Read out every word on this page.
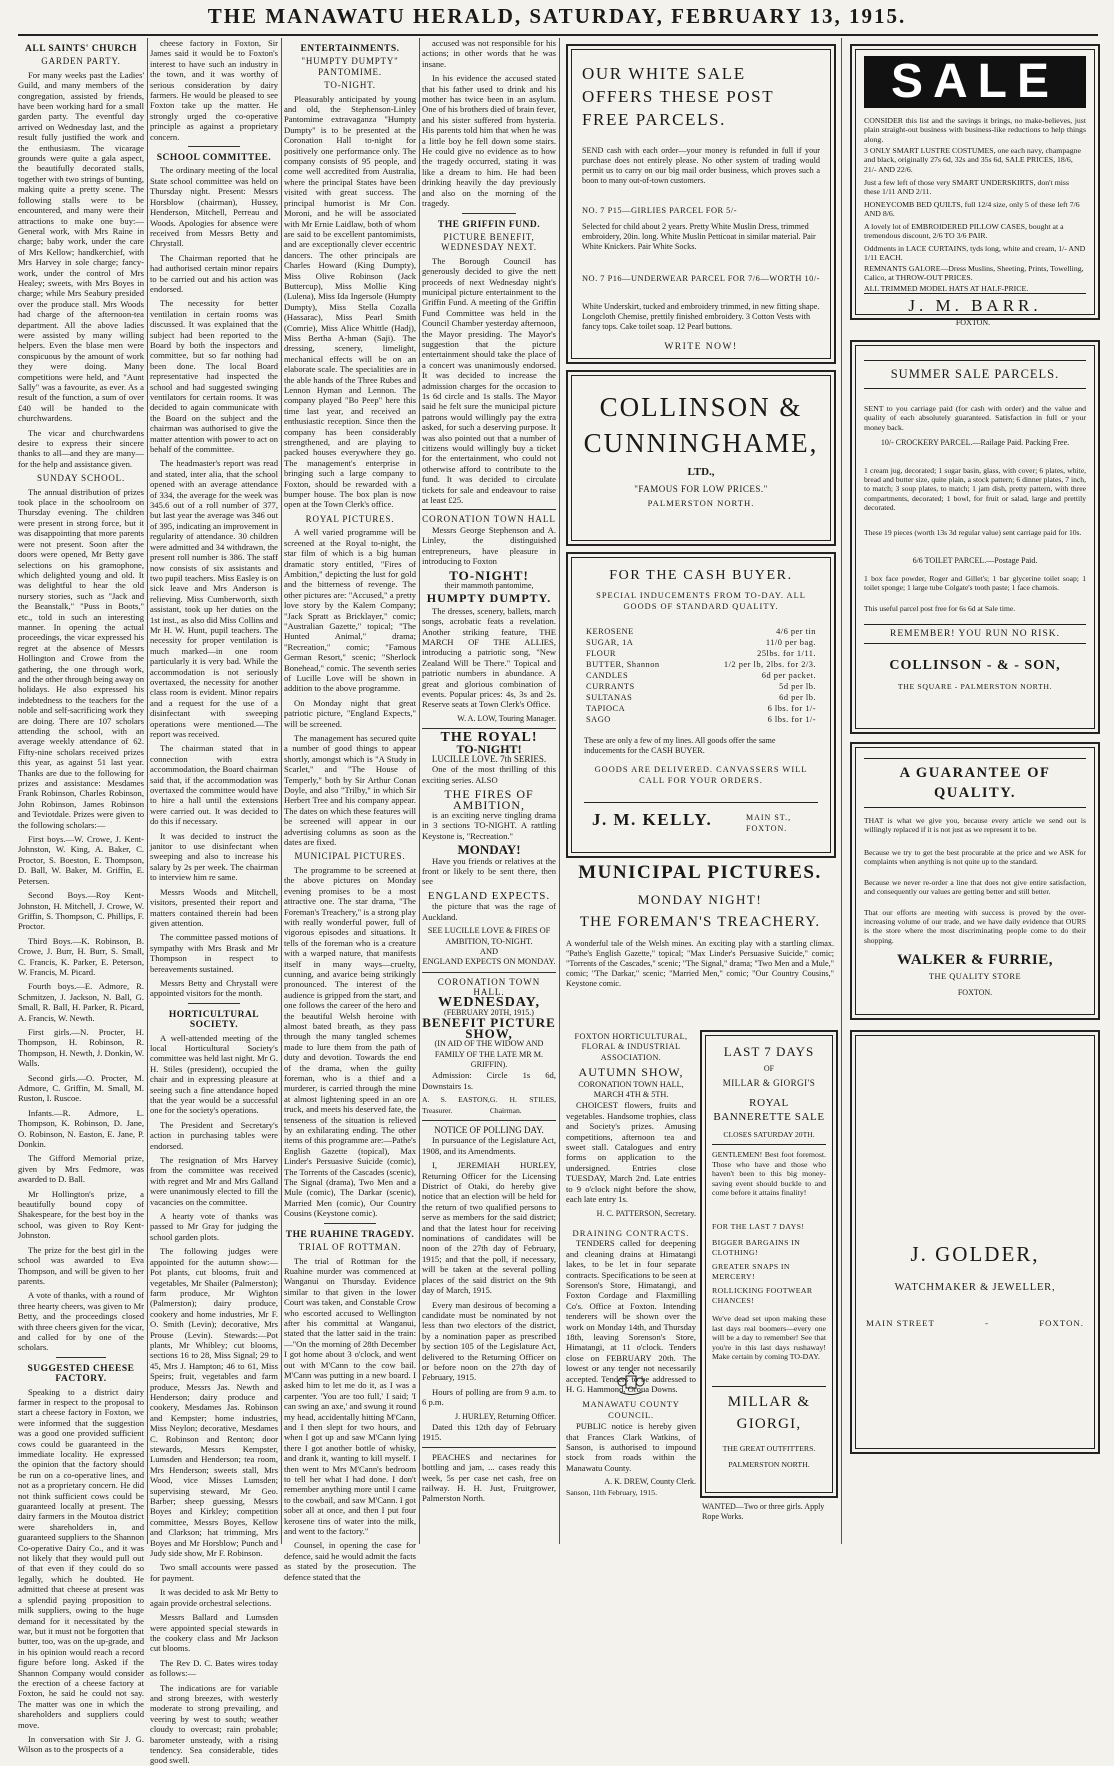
THE MANAWATU HERALD, SATURDAY, FEBRUARY 13, 1915.
ALL SAINTS' CHURCH
GARDEN PARTY.

For many weeks past the Ladies' Guild, and many members of the congregation, assisted by friends, have been working hard for a small garden party. The eventful day arrived on Wednesday last, and the result fully justified the work and the enthusiasm. The vicarage grounds were quite a gala aspect, the beautifully decorated stalls, together with two strings of bunting, making quite a pretty scene. The following stalls were to be encountered, and many were their attractions to make one buy:—General work, with Mrs Raine in charge; baby work, under the care of Mrs Kellow; handkerchief, with Mrs Harvey in sole charge; fancy-work, under the control of Mrs Healey; sweets, with Mrs Boyes in charge; while Mrs Seabury presided over the produce stall. Mrs Woods had charge of the afternoon-tea department. All the above ladies were assisted by many willing helpers. Even the blase men were conspicuous by the amount of work they were doing. Many competitions were held, and "Aunt Sally" was a favourite, as ever. As a result of the function, a sum of over £40 will be handed to the churchwardens.

The vicar and churchwardens desire to express their sincere thanks to all—and they are many—for the help and assistance given.

SUNDAY SCHOOL.

The annual distribution of prizes took place in the schoolroom on Thursday evening. The children were present in strong force, but it was disappointing that more parents were not present. Soon after the doors were opened, Mr Betty gave selections on his gramophone, which delighted young and old. It was delightful to hear the old nursery stories, such as "Jack and the Beanstalk," "Puss in Boots," etc., told in such an interesting manner. In opening the actual proceedings, the vicar expressed his regret at the absence of Messrs Hollington and Crowe from the gathering, the one through work, and the other through being away on holidays. He also expressed his indebtedness to the teachers for the noble and self-sacrificing work they are doing. There are 107 scholars attending the school, with an average weekly attendance of 62. Fifty-nine scholars received prizes this year, as against 51 last year. Thanks are due to the following for prizes and assistance: Mesdames Frank Robinson, Charles Robinson, John Robinson, James Robinson and Teviotdale. Prizes were given to the following scholars:—

First boys.—W. Crowe, J. Kent-Johnston, W. King, A. Baker, C. Proctor, S. Boeston, E. Thompson, D. Ball, W. Baker, M. Griffin, E. Petersen.

Second Boys.—Roy Kent-Johnston, H. Mitchell, J. Crowe, W. Griffin, S. Thompson, C. Phillips, F. Proctor.

Third Boys.—K. Robinson, B. Crowe, J. Burr, H. Burr, S. Small, C. Francis, K. Parker, E. Peterson, W. Francis, M. Picard.

Fourth boys.—E. Admore, R. Schmitzen, J. Jackson, N. Ball, G. Small, R. Ball, H. Parker, R. Picard, A. Francis, W. Newth.

First girls.—N. Procter, H. Thompson, H. Robinson, R. Thompson, H. Newth, J. Donkin, W. Walls.

Second girls.—O. Procter, M. Admore, C. Griffin, M. Small, M. Ruston, I. Ruscoe.

Infants.—R. Admore, L. Thompson, K. Robinson, D. Jane, O. Robinson, N. Easton, E. Jane, P. Donkin.

The Gifford Memorial prize, given by Mrs Fedmore, was awarded to D. Ball.

Mr Hollington's prize, a beautifully bound copy of Shakespeare, for the best boy in the school, was given to Roy Kent-Johnston.

The prize for the best girl in the school was awarded to Eva Thompson, and will be given to her parents.

A vote of thanks, with a round of three hearty cheers, was given to Mr Betty, and the proceedings closed with three cheers given for the vicar, and called for by one of the scholars.

SUGGESTED CHEESE FACTORY.

Speaking to a district dairy farmer in respect to the proposal to start a cheese factory in Foxton, we were informed that the suggestion was a good one provided sufficient cows could be guaranteed in the immediate locality. He expressed the opinion that the factory should be run on a co-operative lines, and not as a proprietary concern. He did not think sufficient cows could be guaranteed locally at present. The dairy farmers in the Moutoa district were shareholders in, and guaranteed suppliers to the Shannon Co-operative Dairy Co., and it was not likely that they would pull out of that even if they could do so legally, which he doubted. He admitted that cheese at present was a splendid paying proposition to milk suppliers, owing to the huge demand for it necessitated by the war, but it must not be forgotten that butter, too, was on the up-grade, and in his opinion would reach a record figure before long. Asked if the Shannon Company would consider the erection of a cheese factory at Foxton, he said he could not say. The matter was one in which the shareholders and suppliers could move.

In conversation with Sir J. G. Wilson as to the prospects of a

cheese factory in Foxton, Sir James said it would be to Foxton's interest to have such an industry in the town, and it was worthy of serious consideration by dairy farmers. He would be pleased to see Foxton take up the matter. He strongly urged the co-operative principle as against a proprietary concern.

SCHOOL COMMITTEE.

The ordinary meeting of the local State school committee was held on Thursday night. Present: Messrs Horsblow (chairman), Hussey, Henderson, Mitchell, Perreau and Woods. Apologies for absence were received from Messrs Betty and Chrystall.

The Chairman reported that he had authorised certain minor repairs to be carried out and his action was endorsed.

The necessity for better ventilation in certain rooms was discussed. It was explained that the subject had been reported to the Board by both the inspectors and committee, but so far nothing had been done. The local Board representative had inspected the school and had suggested swinging ventilators for certain rooms. It was decided to again communicate with the Board on the subject and the chairman was authorised to give the matter attention with power to act on behalf of the committee.

The headmaster's report was read and stated, inter alia, that the school opened with an average attendance of 334, the average for the week was 345.6 out of a roll number of 377, but last year the average was 346 out of 395, indicating an improvement in regularity of attendance. 30 children were admitted and 34 withdrawn, the present roll number is 386. The staff now consists of six assistants and two pupil teachers. Miss Easley is on sick leave and Mrs Anderson is relieving. Miss Cumberworth, sixth assistant, took up her duties on the 1st inst., as also did Miss Collins and Mr H. W. Hunt, pupil teachers. The necessity for proper ventilation is much marked—in one room particularly it is very bad. While the accommodation is not seriously overtaxed, the necessity for another class room is evident. Minor repairs and a request for the use of a disinfectant with sweeping operations were mentioned.—The report was received.

The chairman stated that in connection with extra accommodation, the Board chairman said that, if the accommodation was overtaxed the committee would have to hire a hall until the extensions were carried out. It was decided to do this if necessary.

It was decided to instruct the janitor to use disinfectant when sweeping and also to increase his salary by 2s per week. The chairman to interview him re same.

Messrs Woods and Mitchell, visitors, presented their report and matters contained therein had been given attention.

The committee passed motions of sympathy with Mrs Brask and Mr Thompson in respect to bereavements sustained.

Messrs Betty and Chrystall were appointed visitors for the month.

HORTICULTURAL SOCIETY.

A well-attended meeting of the local Horticultural Society's committee was held last night. Mr G. H. Stiles (president), occupied the chair and in expressing pleasure at seeing such a fine attendance hoped that the year would be a successful one for the society's operations.

The President and Secretary's action in purchasing tables were endorsed.

The resignation of Mrs Harvey from the committee was received with regret and Mr and Mrs Galland were unanimously elected to fill the vacancies on the committee.

A hearty vote of thanks was passed to Mr Gray for judging the school garden plots.

The following judges were appointed for the autumn show:—Pot plants, cut blooms, fruit and vegetables, Mr Shailer (Palmerston); farm produce, Mr Wighton (Palmerston); dairy produce, cookery and home industries, Mr F. O. Smith (Levin); decorative, Mrs Prouse (Levin). Stewards:—Pot plants, Mr Whibley; cut blooms, sections 16 to 28, Miss Signal; 29 to 45, Mrs J. Hampton; 46 to 61, Miss Speirs; fruit, vegetables and farm produce, Messrs Jas. Newth and Henderson; dairy produce and cookery, Mesdames Jas. Robinson and Kempster; home industries, Miss Neylon; decorative, Mesdames C. Robinson and Renton; door stewards, Messrs Kempster, Lumsden and Henderson; tea room, Mrs Henderson; sweets stall, Mrs Wood, vice Misses Lumsden; supervising steward, Mr Geo. Barber; sheep guessing, Messrs Boyes and Kirkley; competition committee, Messrs Boyes, Kellow and Clarkson; hat trimming, Mrs Boyes and Mr Horsblow; Punch and Judy side show, Mr F. Robinson.

Two small accounts were passed for payment.

It was decided to ask Mr Betty to again provide orchestral selections.

Messrs Ballard and Lumsden were appointed special stewards in the cookery class and Mr Jackson cut blooms.

The Rev D. C. Bates wires today as follows:—

The indications are for variable and strong breezes, with westerly moderate to strong prevailing, and veering by west to south; weather cloudy to overcast; rain probable; barometer unsteady, with a rising tendency. Sea considerable, tides good swell.

ENTERTAINMENTS.
"HUMPTY DUMPTY" PANTOMIME.
TO-NIGHT.

Pleasurably anticipated by young and old, the Stephenson-Linley Pantomime extravaganza "Humpty Dumpty" is to be presented at the Coronation Hall to-night for positively one performance only. The company consists of 95 people, and come well accredited from Australia, where the principal States have been visited with great success. The principal humorist is Mr Con. Moroni, and he will be associated with Mr Ernie Laidlaw, both of whom are said to be excellent pantomimists, and are exceptionally clever eccentric dancers. The other principals are Charles Howard (King Dumpty), Miss Olive Robinson (Jack Buttercup), Miss Mollie King (Lulena), Miss Ida Ingersole (Humpty Dumpty), Miss Stella Cozalla (Hassarac), Miss Pearl Smith (Comrie), Miss Alice Whittle (Hadj), Miss Bertha A-hman (Saji). The dressing, scenery, limelight, mechanical effects will be on an elaborate scale. The specialities are in the able hands of the Three Rubes and Lennon Hyman and Lennon. The company played "Bo Peep" here this time last year, and received an enthusiastic reception. Since then the company has been considerably strengthened, and are playing to packed houses everywhere they go. The management's enterprise in bringing such a large company to Foxton, should be rewarded with a bumper house. The box plan is now open at the Town Clerk's office.

ROYAL PICTURES.

A well varied programme will be screened at the Royal to-night, the star film of which is a big human dramatic story entitled, "Fires of Ambition," depicting the lust for gold and the bitterness of revenge. The other pictures are: "Accused," a pretty love story by the Kalem Company; "Jack Spratt as Bricklayer," comic; "Australian Gazette," topical; "The Hunted Animal," drama; "Recreation," comic; "Famous German Resort," scenic; "Sherlock Bonehead," comic. The seventh series of Lucille Love will be shown in addition to the above programme.

On Monday night that great patriotic picture, "England Expects," will be screened.

The management has secured quite a number of good things to appear shortly, amongst which is "A Study in Scarlet," and "The House of Temperly," both by Sir Arthur Conan Doyle, and also "Trilby," in which Sir Herbert Tree and his company appear. The dates on which these features will be screened will appear in our advertising columns as soon as the dates are fixed.

MUNICIPAL PICTURES.

The programme to be screened at the above pictures on Monday evening promises to be a most attractive one. The star drama, "The Foreman's Treachery," is a strong play with really wonderful power, full of vigorous episodes and situations. It tells of the foreman who is a creature with a warped nature, that manifests itself in many ways—cruelty, cunning, and avarice being strikingly pronounced. The interest of the audience is gripped from the start, and one follows the career of the hero and the beautiful Welsh heroine with almost bated breath, as they pass through the many tangled schemes made to lure them from the path of duty and devotion. Towards the end of the drama, when the guilty foreman, who is a thief and a murderer, is carried through the mine at almost lightening speed in an ore truck, and meets his deserved fate, the tenseness of the situation is relieved by an exhilarating ending. The other items of this programme are:—Pathe's English Gazette (topical), Max Linder's Persuasive Suicide (comic), The Torrents of the Cascades (scenic), The Signal (drama), Two Men and a Mule (comic), The Darkar (scenic), Married Men (comic), Our Country Cousins (Keystone comic).

THE RUAHINE TRAGEDY.
TRIAL OF ROTTMAN.

The trial of Rottman for the Ruahine murder was commenced at Wanganui on Thursday. Evidence similar to that given in the lower Court was taken, and Constable Crow who escorted accused to Wellington after his committal at Wanganui, stated that the latter said in the train:—"On the morning of 28th December I got home about 3 o'clock, and went out with M'Cann to the cow bail. M'Cann was putting in a new board. I asked him to let me do it, as I was a carpenter. 'You are too full,' I said; 'I can swing an axe,' and swung it round my head, accidentally hitting M'Cann, and I then slept for two hours, and when I got up and saw M'Cann lying there I got another bottle of whisky, and drank it, wanting to kill myself. I then went to Mrs M'Cann's bedroom to tell her what I had done. I don't remember anything more until I came to the cowbail, and saw M'Cann. I got sober all at once, and then I put four kerosene tins of water into the milk, and went to the factory."

Counsel, in opening the case for defence, said he would admit the facts as stated by the prosecution. The defence stated that the

accused was not responsible for his actions; in other words that he was insane.

In his evidence the accused stated that his father used to drink and his mother has twice been in an asylum. One of his brothers died of brain fever, and his sister suffered from hysteria. His parents told him that when he was a little boy he fell down some stairs. He could give no evidence as to how the tragedy occurred, stating it was like a dream to him. He had been drinking heavily the day previously and also on the morning of the tragedy.

THE GRIFFIN FUND.
PICTURE BENEFIT, WEDNESDAY NEXT.

The Borough Council has generously decided to give the nett proceeds of next Wednesday night's municipal picture entertainment to the Griffin Fund. A meeting of the Griffin Fund Committee was held in the Council Chamber yesterday afternoon, the Mayor presiding. The Mayor's suggestion that the picture entertainment should take the place of a concert was unanimously endorsed. It was decided to increase the admission charges for the occasion to 1s 6d circle and 1s stalls. The Mayor said he felt sure the municipal picture patrons would willingly pay the extra asked, for such a deserving purpose. It was also pointed out that a number of citizens would willingly buy a ticket for the entertainment, who could not otherwise afford to contribute to the fund. It was decided to circulate tickets for sale and endeavour to raise at least £25.

CORONATION TOWN HALL

Messrs George Stephenson and A. Linley, the distinguished entrepreneurs, have pleasure in introducing to Foxton

TO-NIGHT!
their mammoth pantomime,
HUMPTY DUMPTY.

The dresses, scenery, ballets, march songs, acrobatic feats a revelation. Another striking feature, THE MARCH OF THE ALLIES, introducing a patriotic song, "New Zealand Will be There." Topical and patriotic numbers in abundance. A great and glorious combination of events. Popular prices: 4s, 3s and 2s. Reserve seats at Town Clerk's Office.

W. A. LOW, Touring Manager.
THE ROYAL!
TO-NIGHT!
LUCILLE LOVE. 7th SERIES.

One of the most thrilling of this exciting series. ALSO

THE FIRES OF AMBITION,

is an exciting nerve tingling drama in 3 sections TO-NIGHT. A rattling Keystone is, "Recreation."

MONDAY!

Have you friends or relatives at the front or likely to be sent there, then see

ENGLAND EXPECTS.

the picture that was the rage of Auckland.

SEE LUCILLE LOVE & FIRES OF AMBITION, TO-NIGHT.
AND
ENGLAND EXPECTS ON MONDAY.
CORONATION TOWN HALL.
WEDNESDAY,
(FEBRUARY 20TH, 1915.)
BENEFIT PICTURE SHOW,
(IN AID OF THE WIDOW AND FAMILY OF THE LATE MR M. GRIFFIN).

Admission: Circle 1s 6d, Downstairs 1s.

A. S. EASTON, Treasurer.
G. H. STILES, Chairman.
NOTICE OF POLLING DAY.

In pursuance of the Legislature Act, 1908, and its Amendments.

I, JEREMIAH HURLEY, Returning Officer for the Licensing District of Otaki, do hereby give notice that an election will be held for the return of two qualified persons to serve as members for the said district; and that the latest hour for receiving nominations of candidates will be noon of the 27th day of February, 1915; and that the poll, if necessary, will be taken at the several polling places of the said district on the 9th day of March, 1915.

Every man desirous of becoming a candidate must be nominated by not less than two electors of the district, by a nomination paper as prescribed by section 105 of the Legislature Act, delivered to the Returning Officer on or before noon on the 27th day of February, 1915.

Hours of polling are from 9 a.m. to 6 p.m.

J. HURLEY, Returning Officer.

Dated this 12th day of February 1915.

PEACHES and nectarines for bottling and jam, ... cases ready this week, 5s per case net cash, free on railway. H. H. Just, Fruitgrower, Palmerston North.

OUR WHITE SALE OFFERS THESE POST FREE PARCELS.
SEND cash with each order—your money is refunded in full if your purchase does not entirely please. No other system of trading would permit us to carry on our big mail order business, which proves such a boon to many out-of-town customers.
NO. 7 P15—GIRLIES PARCEL FOR 5/-
Selected for child about 2 years. Pretty White Muslin Dress, trimmed embroidery, 20in. long. White Muslin Petticoat in similar material. Pair White Knickers. Pair White Socks.
NO. 7 P16—UNDERWEAR PARCEL FOR 7/6—WORTH 10/-
White Underskirt, tucked and embroidery trimmed, in new fitting shape. Longcloth Chemise, prettily finished embroidery. 3 Cotton Vests with fancy tops. Cake toilet soap. 12 Pearl buttons.
WRITE NOW!
COLLINSON &
CUNNINGHAME,
LTD.,
"FAMOUS FOR LOW PRICES."
PALMERSTON NORTH.
FOR THE CASH BUYER.
SPECIAL INDUCEMENTS FROM TO-DAY. ALL GOODS OF STANDARD QUALITY.
KEROSENE	4/6 per tin
SUGAR, 1A	11/0 per bag.
FLOUR	25lbs. for 1/11.
BUTTER, Shannon	1/2 per lb, 2lbs. for 2/3.
CANDLES	6d per packet.
CURRANTS	5d per lb.
SULTANAS	6d per lb.
TAPIOCA	6 lbs. for 1/-
SAGO	6 lbs. for 1/-
These are only a few of my lines. All goods offer the same inducements for the CASH BUYER.
GOODS ARE DELIVERED. CANVASSERS WILL CALL FOR YOUR ORDERS.
J. M. KELLY.	MAIN ST., FOXTON.
MUNICIPAL PICTURES.
MONDAY NIGHT!
THE FOREMAN'S TREACHERY.
A wonderful tale of the Welsh mines. An exciting play with a startling climax. "Pathe's English Gazette," topical; "Max Linder's Persuasive Suicide," comic; "Torrents of the Cascades," scenic; "The Signal," drama; "Two Men and a Mule," comic; "The Darkar," scenic; "Married Men," comic; "Our Country Cousins," Keystone comic.
FOXTON HORTICULTURAL, FLORAL & INDUSTRIAL ASSOCIATION.
AUTUMN SHOW,
CORONATION TOWN HALL, MARCH 4TH & 5TH.

CHOICEST flowers, fruits and vegetables. Handsome trophies, class and Society's prizes. Amusing competitions, afternoon tea and sweet stall. Catalogues and entry forms on application to the undersigned. Entries close TUESDAY, March 2nd. Late entries to 9 o'clock night before the show, each late entry 1s.

H. C. PATTERSON, Secretary.
DRAINING CONTRACTS.

TENDERS called for deepening and cleaning drains at Himatangi lakes, to be let in four separate contracts. Specifications to be seen at Sorenson's Store, Himatangi, and Foxton Cordage and Flaxmilling Co's. Office at Foxton. Intending tenderers will be shown over the work on Monday 14th, and Thursday 18th, leaving Sorenson's Store, Himatangi, at 11 o'clock. Tenders close on FEBRUARY 20th. The lowest or any tender not necessarily accepted. Tenders to be addressed to H. G. Hammond, Oroua Downs.

MANAWATU COUNTY COUNCIL.

PUBLIC notice is hereby given that Frances Clark Watkins, of Sanson, is authorised to impound stock from roads within the Manawatu County.

A. K. DREW, County Clerk.
Sanson, 11th February, 1915.
LAST 7 DAYS
OF
MILLAR & GIORGI'S
ROYAL BANNERETTE SALE
CLOSES SATURDAY 20TH.
GENTLEMEN! Best foot foremost. Those who have and those who haven't been to this big money-saving event should buckle to and come before it attains finality!
FOR THE LAST 7 DAYS!
BIGGER BARGAINS IN CLOTHING!
GREATER SNAPS IN MERCERY!
ROLLICKING FOOTWEAR CHANCES!
We've dead set upon making these last days real boomers—every one will be a day to remember! See that you're in this last days rushaway! Make certain by coming TO-DAY.
MILLAR &
GIORGI,
THE GREAT OUTFITTERS.
PALMERSTON NORTH.
WANTED—Two or three girls. Apply Rope Works.
SALE
CONSIDER this list and the savings it brings, no make-believes, just plain straight-out business with business-like reductions to help things along.
3 ONLY SMART LUSTRE COSTUMES, one each navy, champagne and black, originally 27s 6d, 32s and 35s 6d, SALE PRICES, 18/6, 21/- AND 22/6.
Just a few left of those very SMART UNDERSKIRTS, don't miss these 1/11 AND 2/11.
HONEYCOMB BED QUILTS, full 12/4 size, only 5 of these left 7/6 AND 8/6.
A lovely lot of EMBROIDERED PILLOW CASES, bought at a tremendous discount, 2/6 TO 3/6 PAIR.
Oddments in LACE CURTAINS, tyds long, white and cream, 1/- AND 1/11 EACH.
REMNANTS GALORE—Dress Muslins, Sheeting, Prints, Towelling, Calico, at THROW-OUT PRICES.
ALL TRIMMED MODEL HATS AT HALF-PRICE.
J. M. BARR.
FOXTON.
SUMMER SALE PARCELS.
SENT to you carriage paid (for cash with order) and the value and quality of each absolutely guaranteed. Satisfaction in full or your money back.
10/- CROCKERY PARCEL.—Railage Paid. Packing Free.
1 cream jug, decorated; 1 sugar basin, glass, with cover; 6 plates, white, bread and butter size, quite plain, a stock pattern; 6 dinner plates, 7 inch, to match; 3 soup plates, to match; 1 jam dish, pretty pattern, with three compartments, decorated; 1 bowl, for fruit or salad, large and prettily decorated.
These 19 pieces (worth 13s 3d regular value) sent carriage paid for 10s.
6/6 TOILET PARCEL.—Postage Paid.
1 box face powder, Roger and Gillet's; 1 bar glycerine toilet soap; 1 toilet sponge; 1 large tube Colgate's tooth paste; 1 face chamois.
This useful parcel post free for 6s 6d at Sale time.
REMEMBER! YOU RUN NO RISK.
COLLINSON - & - SON,
THE SQUARE - PALMERSTON NORTH.
A GUARANTEE OF QUALITY.
THAT is what we give you, because every article we send out is willingly replaced if it is not just as we represent it to be.
Because we try to get the best procurable at the price and we ASK for complaints when anything is not quite up to the standard.
Because we never re-order a line that does not give entire satisfaction, and consequently our values are getting better and still better.
That our efforts are meeting with success is proved by the over-increasing volume of our trade, and we have daily evidence that OURS is the store where the most discriminating people come to do their shopping.
WALKER & FURRIE,
THE QUALITY STORE
FOXTON.
J. GOLDER,
WATCHMAKER & JEWELLER,
MAIN STREET	-	FOXTON.
